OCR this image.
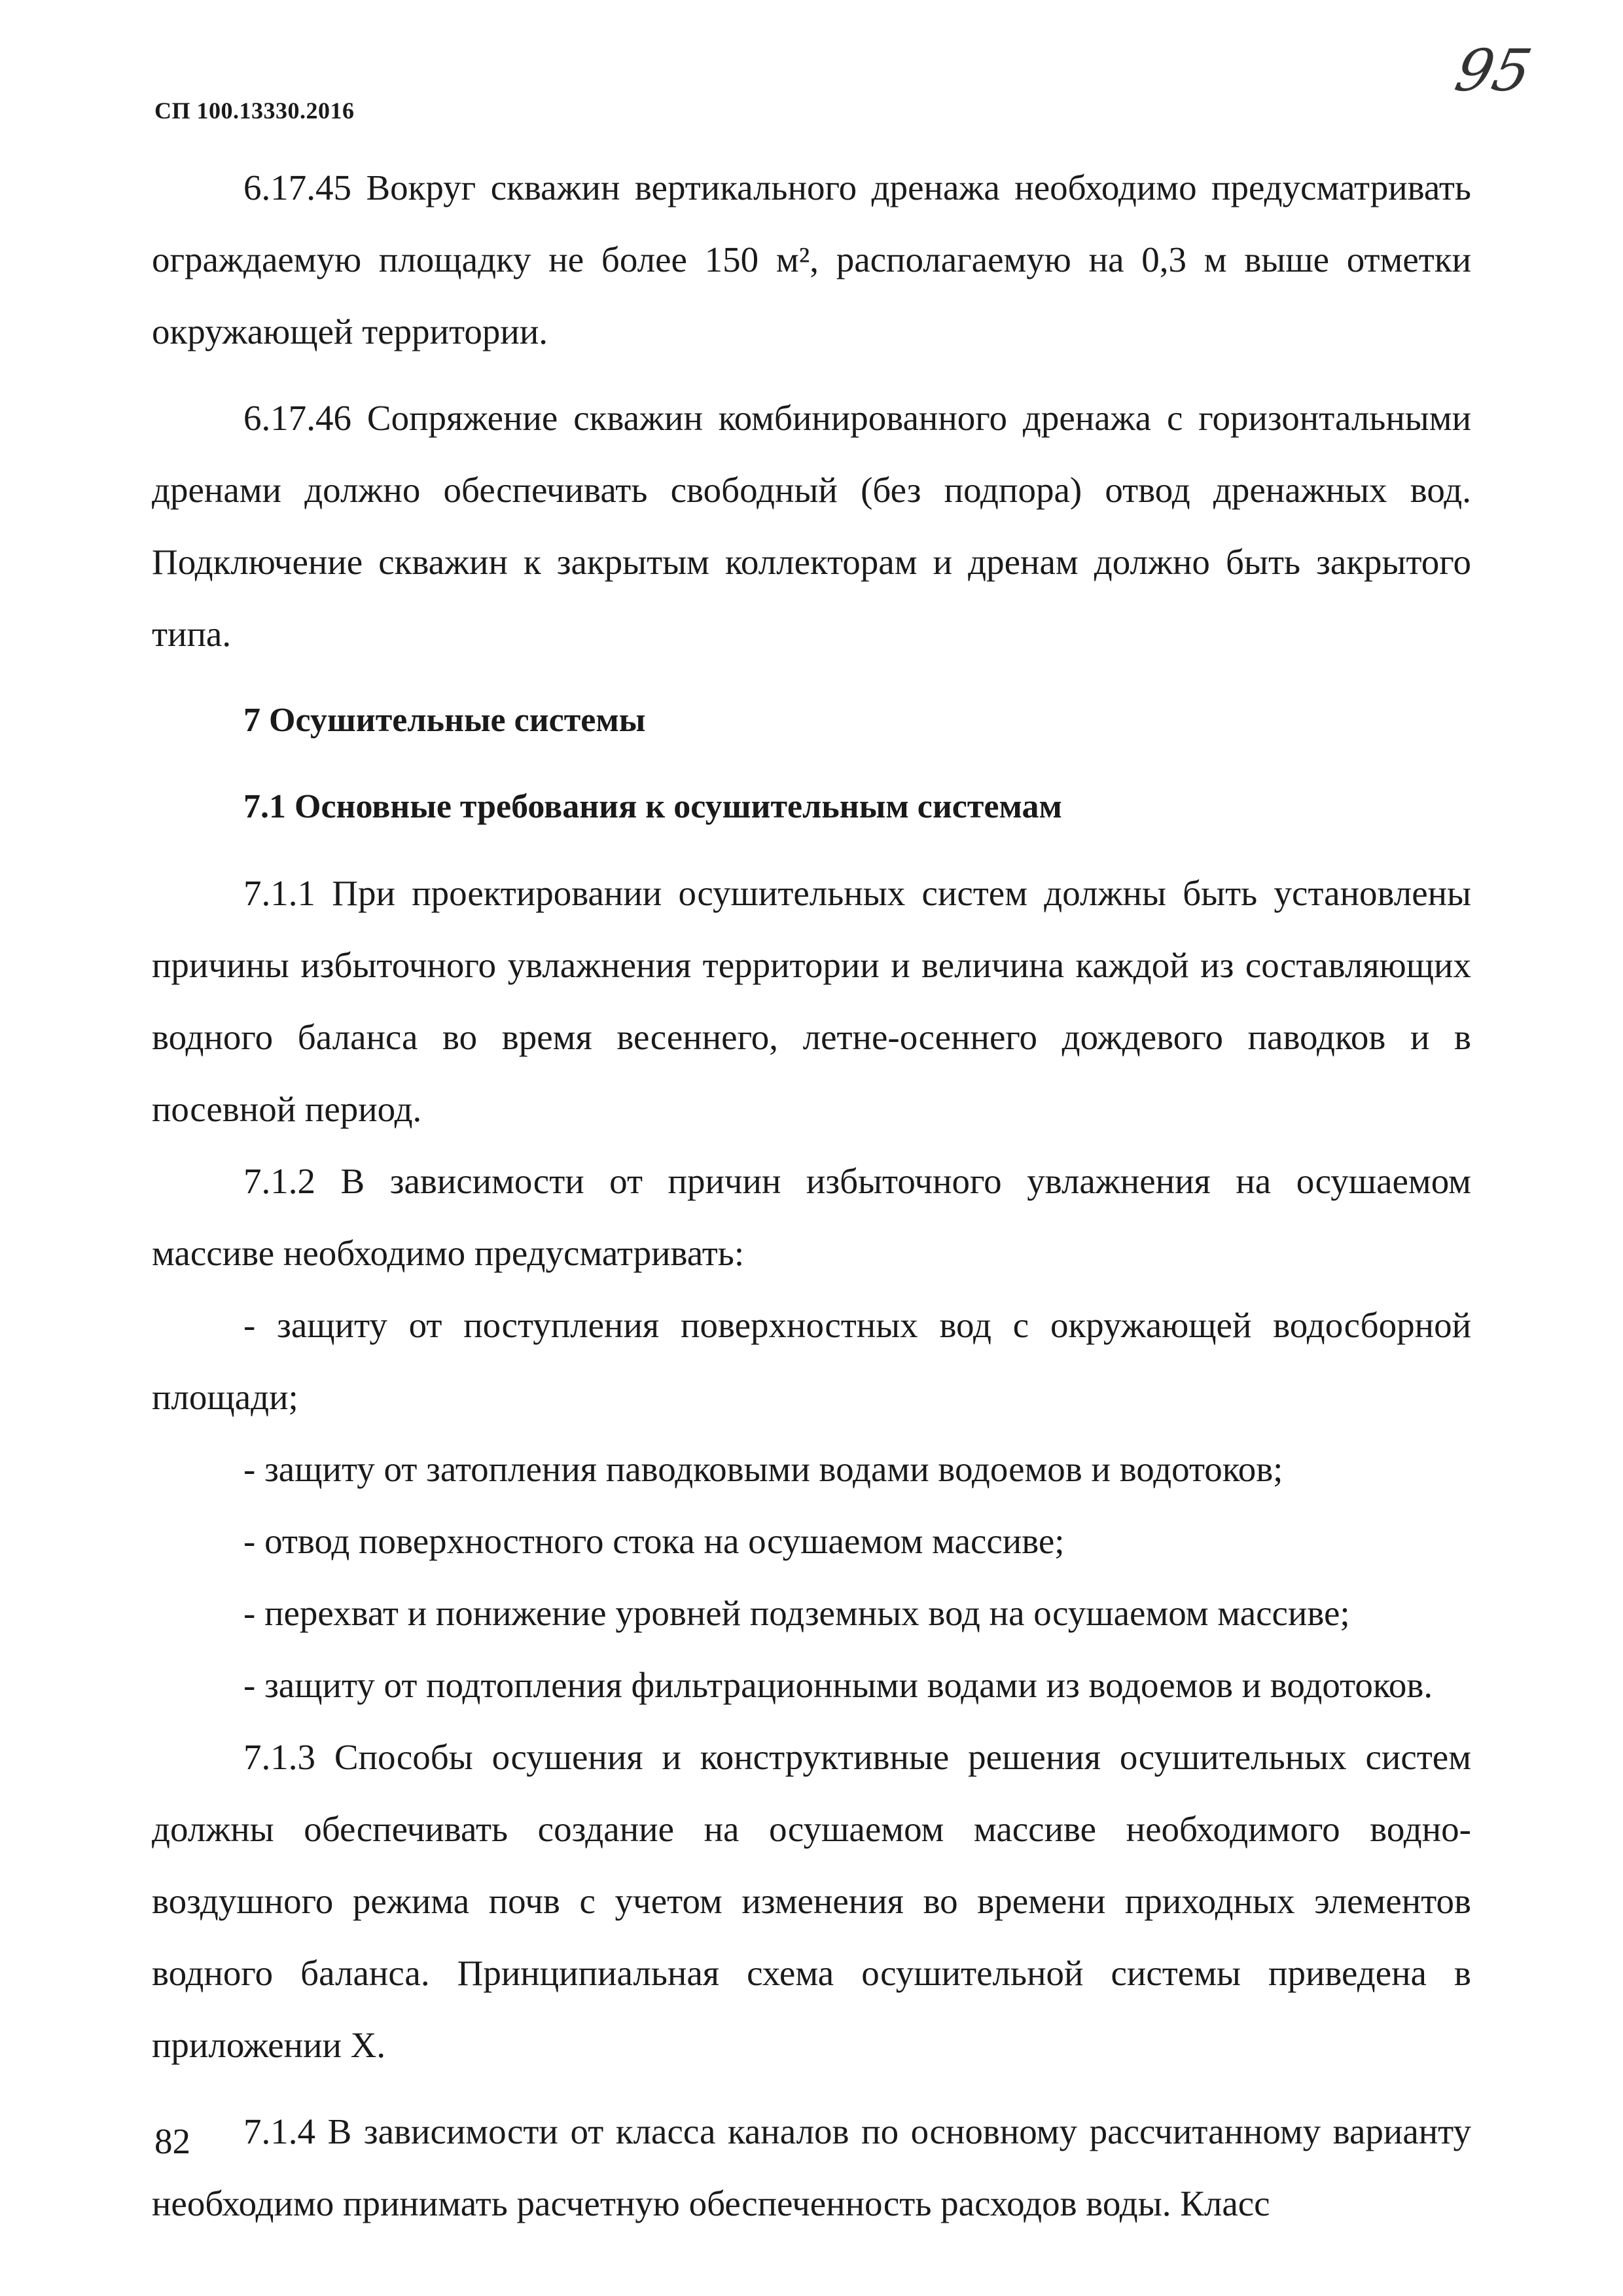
СП 100.13330.2016

95

6.17.45 Вокруг скважин вертикального дренажа необходимо предусматривать ограждаемую площадку не более 150 м², располагаемую на 0,3 м выше отметки окружающей территории.

6.17.46 Сопряжение скважин комбинированного дренажа с горизонтальными дренами должно обеспечивать свободный (без подпора) отвод дренажных вод. Подключение скважин к закрытым коллекторам и дренам должно быть закрытого типа.

7 Осушительные системы

7.1 Основные требования к осушительным системам

7.1.1 При проектировании осушительных систем должны быть установлены причины избыточного увлажнения территории и величина каждой из составляющих водного баланса во время весеннего, летне-осеннего дождевого паводков и в посевной период.

7.1.2 В зависимости от причин избыточного увлажнения на осушаемом массиве необходимо предусматривать:

- защиту от поступления поверхностных вод с окружающей водосборной площади;

- защиту от затопления паводковыми водами водоемов и водотоков;

- отвод поверхностного стока на осушаемом массиве;

- перехват и понижение уровней подземных вод на осушаемом массиве;

- защиту от подтопления фильтрационными водами из водоемов и водотоков.

7.1.3 Способы осушения и конструктивные решения осушительных систем должны обеспечивать создание на осушаемом массиве необходимого водно-воздушного режима почв с учетом изменения во времени приходных элементов водного баланса. Принципиальная схема осушительной системы приведена в приложении Х.

7.1.4 В зависимости от класса каналов по основному рассчитанному варианту необходимо принимать расчетную обеспеченность расходов воды. Класс

82
